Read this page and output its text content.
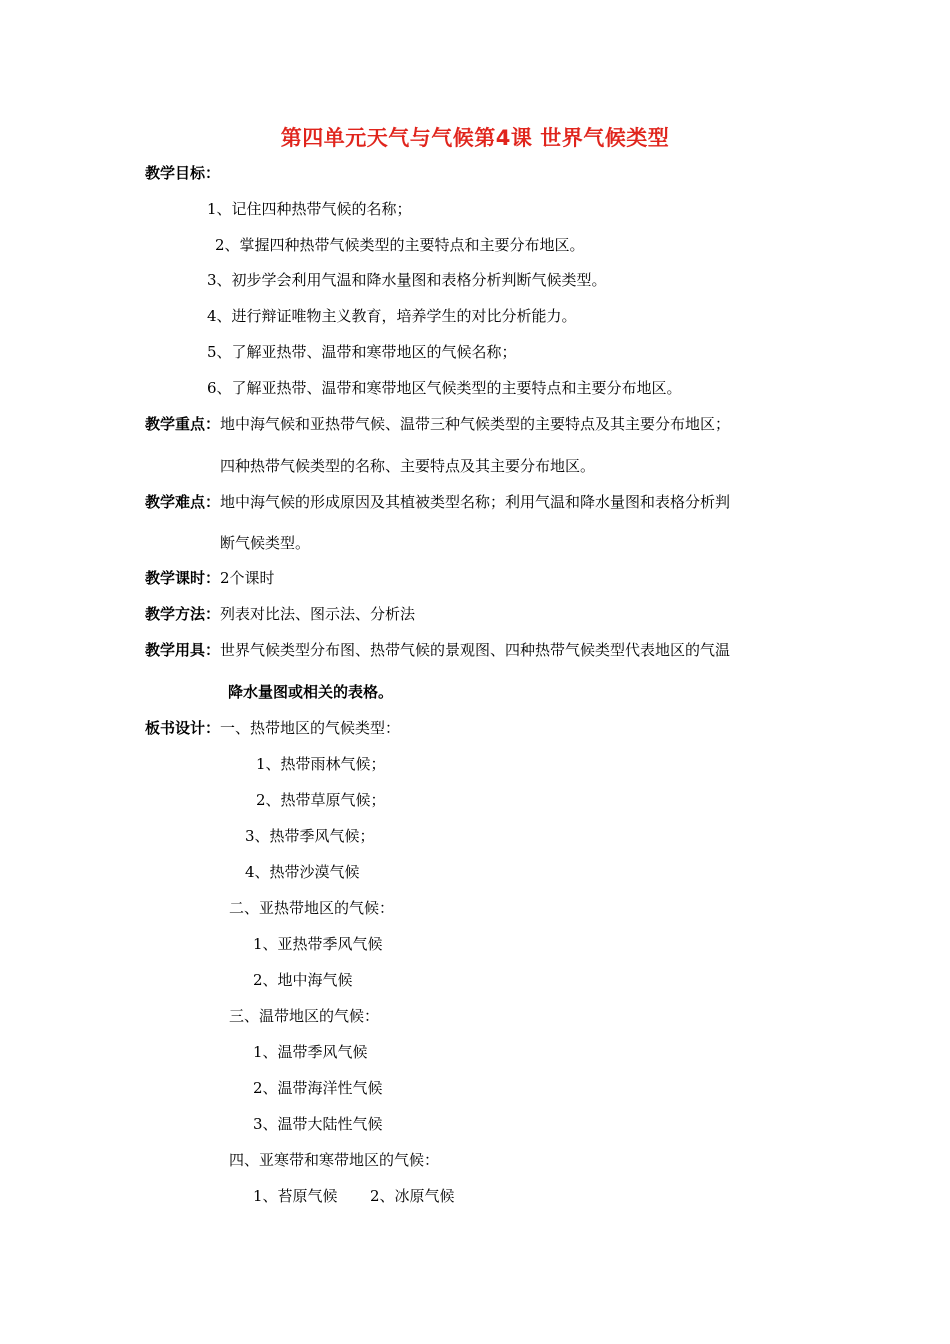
第四单元天气与气候第4课 世界气候类型
教学目标：
1、记住四种热带气候的名称；
2、掌握四种热带气候类型的主要特点和主要分布地区。
3、初步学会利用气温和降水量图和表格分析判断气候类型。
4、进行辩证唯物主义教育，培养学生的对比分析能力。
5、了解亚热带、温带和寒带地区的气候名称；
6、了解亚热带、温带和寒带地区气候类型的主要特点和主要分布地区。
教学重点：地中海气候和亚热带气候、温带三种气候类型的主要特点及其主要分布地区；
四种热带气候类型的名称、主要特点及其主要分布地区。
教学难点：地中海气候的形成原因及其植被类型名称；利用气温和降水量图和表格分析判
断气候类型。
教学课时：2个课时
教学方法：列表对比法、图示法、分析法
教学用具：世界气候类型分布图、热带气候的景观图、四种热带气候类型代表地区的气温
降水量图或相关的表格。
板书设计：一、热带地区的气候类型：
1、热带雨林气候；
2、热带草原气候；
3、热带季风气候；
4、热带沙漠气候
二、亚热带地区的气候：
1、亚热带季风气候
2、地中海气候
三、温带地区的气候：
1、温带季风气候
2、温带海洋性气候
3、温带大陆性气候
四、亚寒带和寒带地区的气候：
1、苔原气候 2、冰原气候
